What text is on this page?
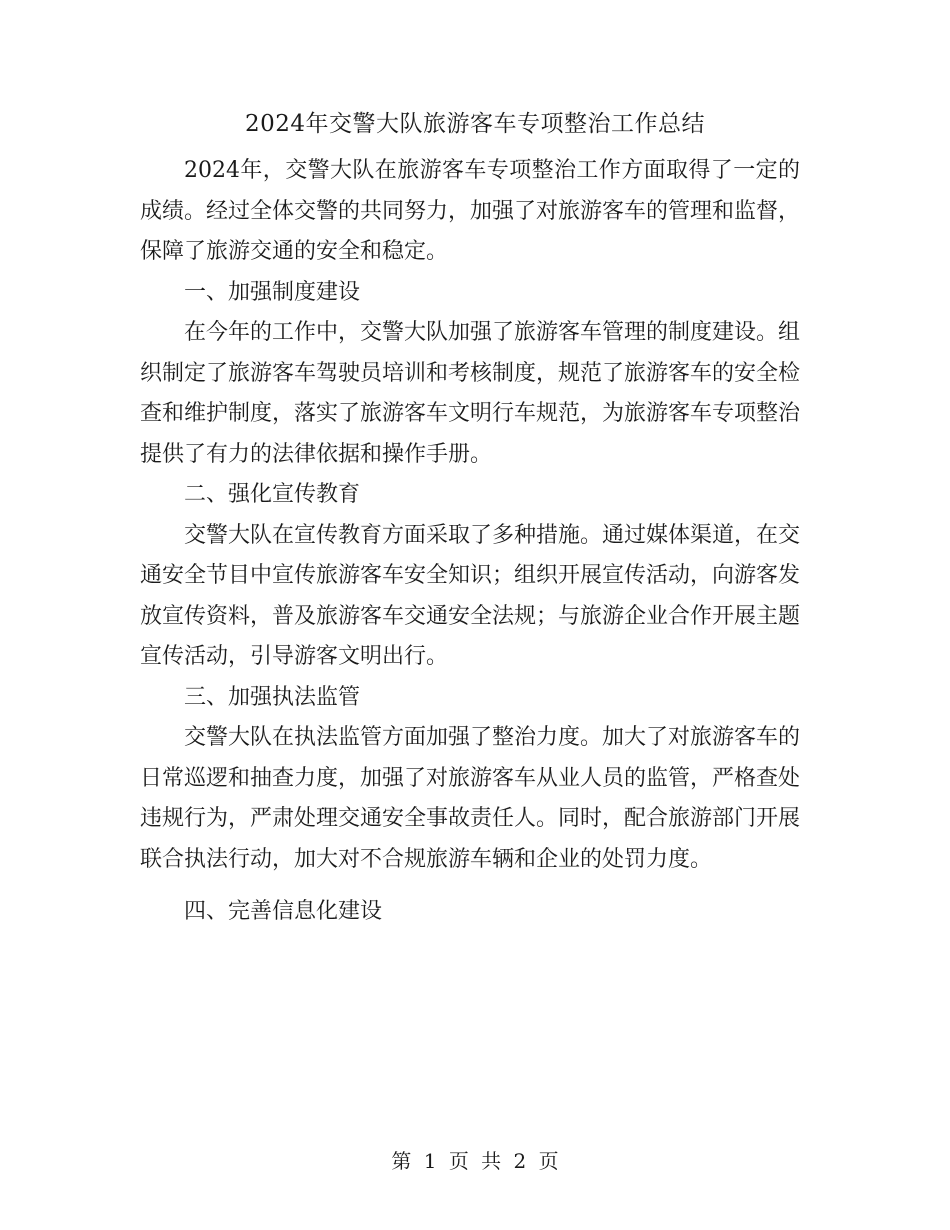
2024年交警大队旅游客车专项整治工作总结

2024年，交警大队在旅游客车专项整治工作方面取得了一定的成绩。经过全体交警的共同努力，加强了对旅游客车的管理和监督，保障了旅游交通的安全和稳定。

一、加强制度建设

在今年的工作中，交警大队加强了旅游客车管理的制度建设。组织制定了旅游客车驾驶员培训和考核制度，规范了旅游客车的安全检查和维护制度，落实了旅游客车文明行车规范，为旅游客车专项整治提供了有力的法律依据和操作手册。

二、强化宣传教育

交警大队在宣传教育方面采取了多种措施。通过媒体渠道，在交通安全节目中宣传旅游客车安全知识；组织开展宣传活动，向游客发放宣传资料，普及旅游客车交通安全法规；与旅游企业合作开展主题宣传活动，引导游客文明出行。

三、加强执法监管

交警大队在执法监管方面加强了整治力度。加大了对旅游客车的日常巡逻和抽查力度，加强了对旅游客车从业人员的监管，严格查处违规行为，严肃处理交通安全事故责任人。同时，配合旅游部门开展联合执法行动，加大对不合规旅游车辆和企业的处罚力度。

四、完善信息化建设

第 1 页 共 2 页
